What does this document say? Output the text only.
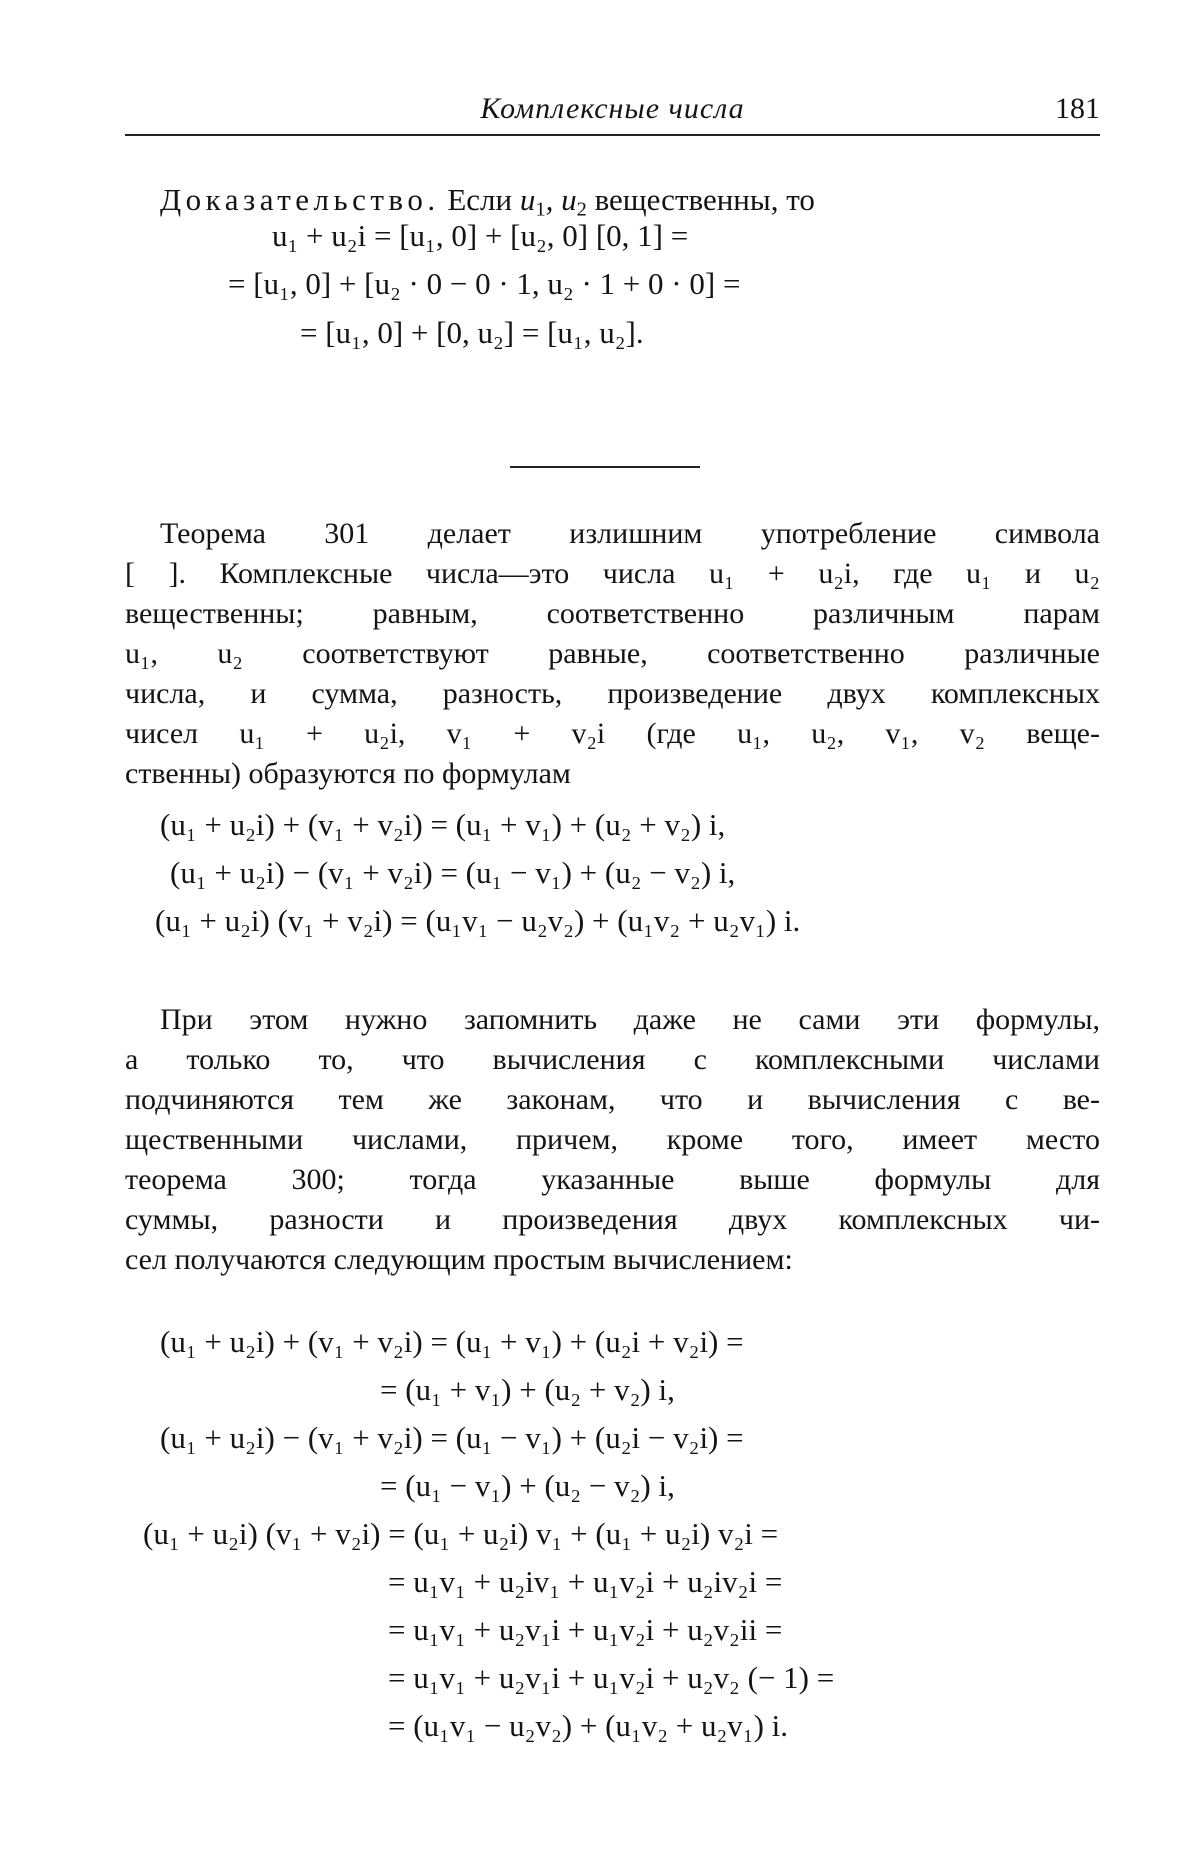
Комплексные числа	181
Доказательство. Если $u_1$, $u_2$ вещественны, то
u₁ + u₂i = [u₁, 0] + [u₂, 0] [0, 1] =
= [u₁, 0] + [u₂ · 0 − 0 · 1, u₂ · 1 + 0 · 0] =
= [u₁, 0] + [0, u₂] = [u₁, u₂].
Теорема 301 делает излишним употребление символа
[ ]. Комплексные числа—это числа u₁ + u₂i, где u₁ и u₂
вещественны; равным, соответственно различным парам
u₁, u₂ соответствуют равные, соответственно различные
числа, и сумма, разность, произведение двух комплексных
чисел u₁ + u₂i, v₁ + v₂i (где u₁, u₂, v₁, v₂ веще-
ственны) образуются по формулам
(u₁ + u₂i) + (v₁ + v₂i) = (u₁ + v₁) + (u₂ + v₂) i,
(u₁ + u₂i) − (v₁ + v₂i) = (u₁ − v₁) + (u₂ − v₂) i,
(u₁ + u₂i) (v₁ + v₂i) = (u₁v₁ − u₂v₂) + (u₁v₂ + u₂v₁) i.
При этом нужно запомнить даже не сами эти формулы,
а только то, что вычисления с комплексными числами
подчиняются тем же законам, что и вычисления с ве-
щественными числами, причем, кроме того, имеет место
теорема 300; тогда указанные выше формулы для
суммы, разности и произведения двух комплексных чи-
сел получаются следующим простым вычислением:
(u₁ + u₂i) + (v₁ + v₂i) = (u₁ + v₁) + (u₂i + v₂i) =
= (u₁ + v₁) + (u₂ + v₂) i,
(u₁ + u₂i) − (v₁ + v₂i) = (u₁ − v₁) + (u₂i − v₂i) =
= (u₁ − v₁) + (u₂ − v₂) i,
(u₁ + u₂i) (v₁ + v₂i) = (u₁ + u₂i) v₁ + (u₁ + u₂i) v₂i =
= u₁v₁ + u₂iv₁ + u₁v₂i + u₂iv₂i =
= u₁v₁ + u₂v₁i + u₁v₂i + u₂v₂ii =
= u₁v₁ + u₂v₁i + u₁v₂i + u₂v₂ (− 1) =
= (u₁v₁ − u₂v₂) + (u₁v₂ + u₂v₁) i.
